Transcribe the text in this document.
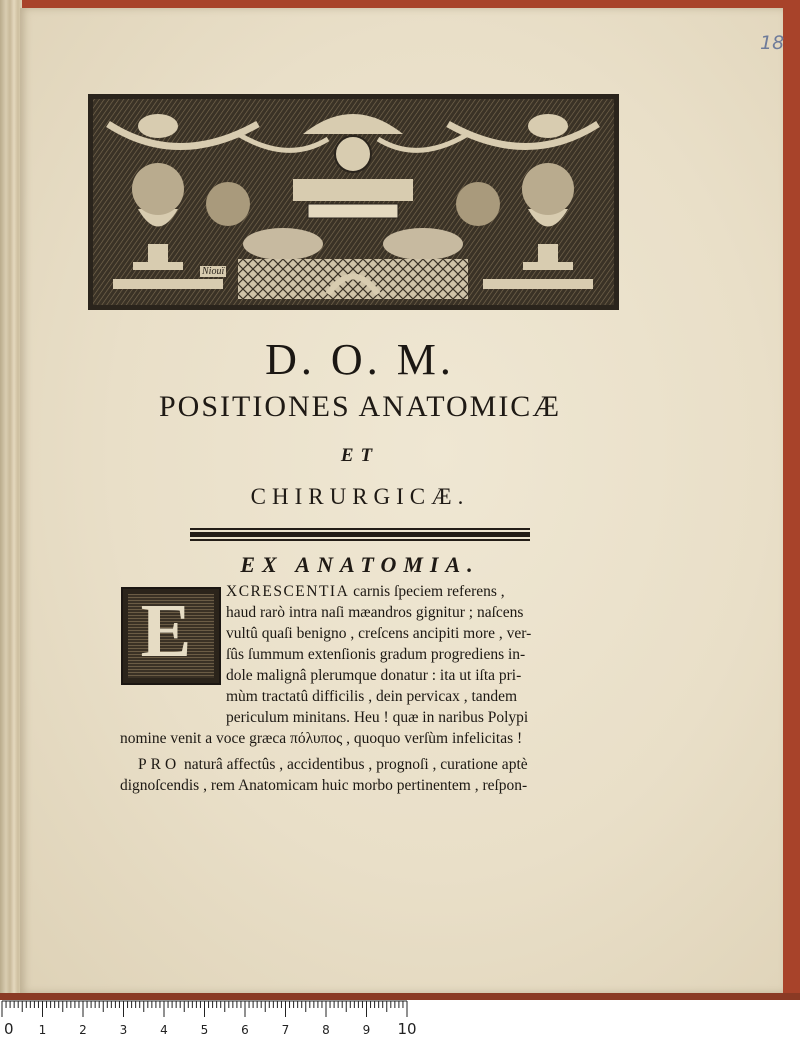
18
Niouï
D. O. M.
POSITIONES ANATOMICÆ
ET
CHIRURGICÆ.
EX ANATOMIA.
E	XCRESCENTIA carnis ſpeciem referens ,
haud rarò intra naſi mæandros gignitur ; naſcens
vultû quaſi benigno , creſcens ancipiti more , ver-
ſûs ſummum extenſionis gradum progrediens in-
dole malignâ plerumque donatur : ita ut iſta pri-
mùm tractatû difficilis , dein pervicax , tandem
periculum minitans. Heu ! quæ in naribus Polypi
nomine venit a voce græca πόλυπος , quoquo verſùm infelicitas !
PRO naturâ affectûs , accidentibus , prognoſi , curatione aptè
dignoſcendis , rem Anatomicam huic morbo pertinentem , reſpon-
0 1	2	3	4	5	6	7	8	9 10
